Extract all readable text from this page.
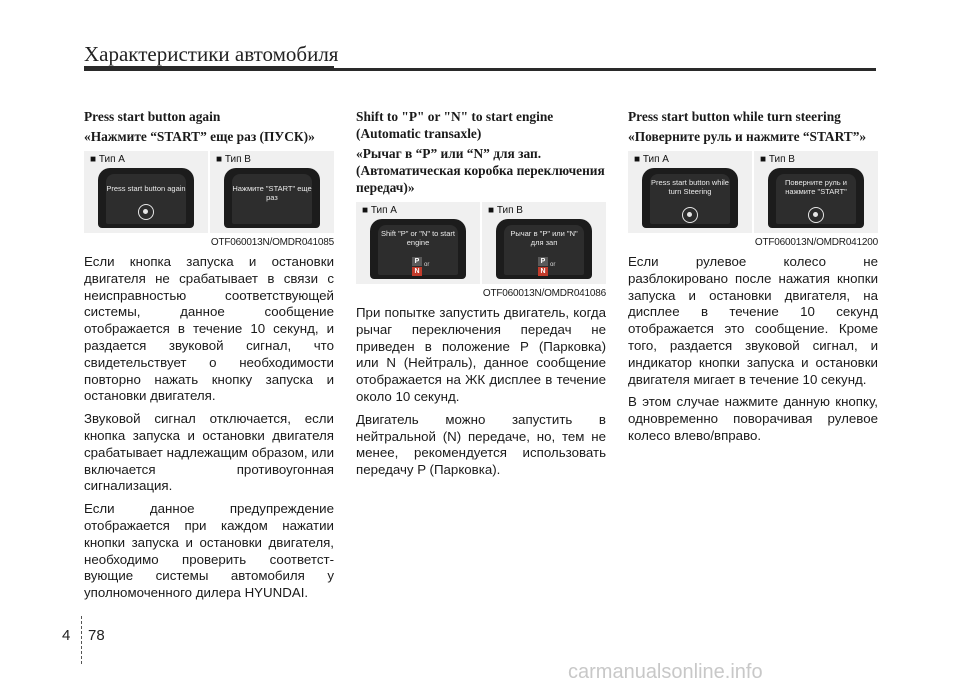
Характеристики автомобиля

Press start button again

«Нажмите “START” еще раз (ПУСК)»

■ Тип A
Press start button again
■ Тип B
Нажмите "START" еще раз
OTF060013N/OMDR041085

Если кнопка запуска и остановки двигателя не срабатывает в связи с неисправностью соответствующей системы, данное сообщение отображается в течение 10 секунд, и раздается звуковой сигнал, что свидетельствует о необходимости повторно нажать кнопку запуска и остановки двигателя.

Звуковой сигнал отключается, если кнопка запуска и остановки двигателя срабатывает надлежащим образом, или включается противоугонная сигнализация.

Если данное предупреждение отображается при каждом нажатии кнопки запуска и остановки двигателя, необходимо проверить соответст-вующие системы автомобиля у уполномоченного дилера HYUNDAI.

Shift to "P" or "N" to start engine (Automatic transaxle)

«Рычаг в “P” или “N” для зап. (Автоматическая коробка переключения передач)»

■ Тип A
Shift "P" or "N" to start engine
P or
N
■ Тип B
Рычаг в "P" или "N" для зап
P or
N
OTF060013N/OMDR041086

При попытке запустить двигатель, когда рычаг переключения передач не приведен в положение P (Парковка) или N (Нейтраль), данное сообщение отображается на ЖК дисплее в течение около 10 секунд.

Двигатель можно запустить в нейтральной (N) передаче, но, тем не менее, рекомендуется использовать передачу P (Парковка).

Press start button while turn steering

«Поверните руль и нажмите “START”»

■ Тип A
Press start button while turn Steering
■ Тип B
Поверните руль и нажмите "START"
OTF060013N/OMDR041200

Если рулевое колесо не разблокировано после нажатия кнопки запуска и остановки двигателя, на дисплее в течение 10 секунд отображается это сообщение. Кроме того, раздается звуковой сигнал, и индикатор кнопки запуска и остановки двигателя мигает в течение 10 секунд.

В этом случае нажмите данную кнопку, одновременно поворачивая рулевое колесо влево/вправо.

4 78
carmanualsonline.info
